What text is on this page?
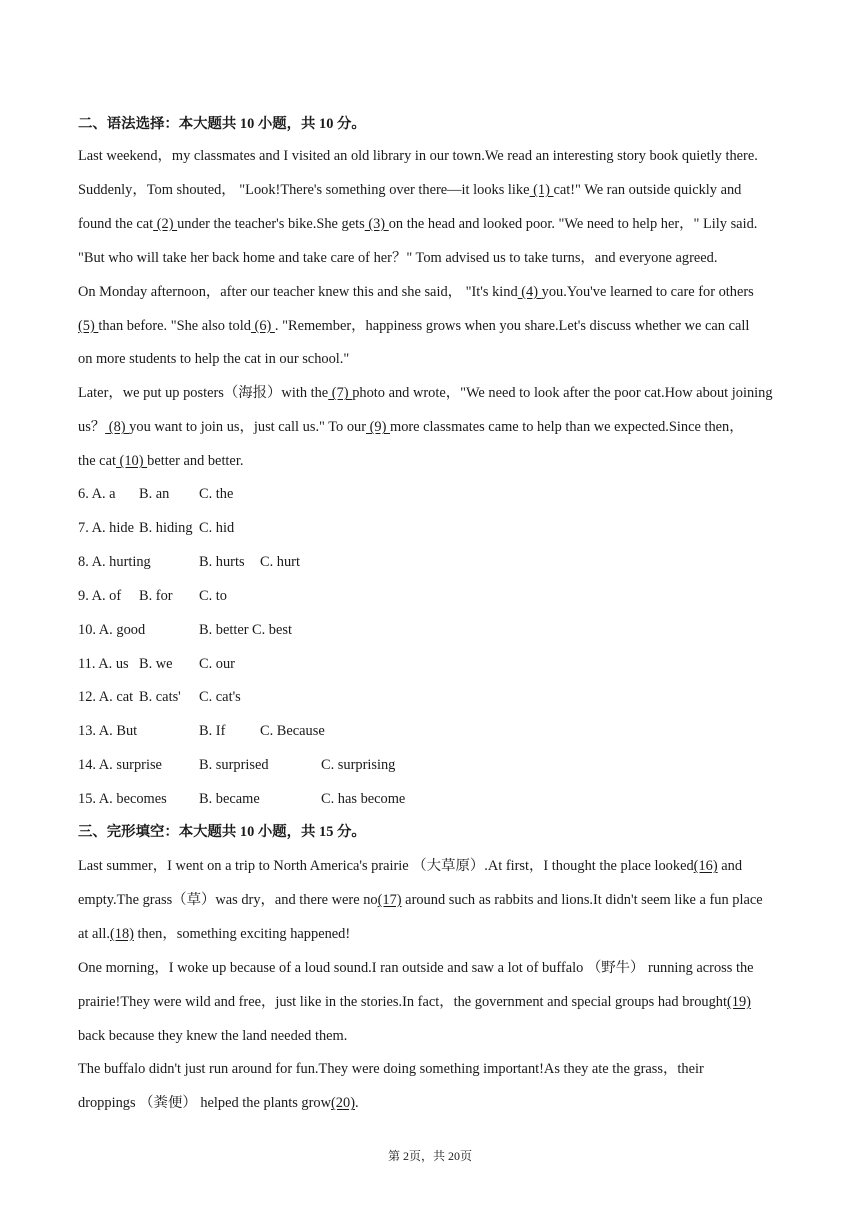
二、语法选择：本大题共 10 小题，共 10 分。
Last weekend，my classmates and I visited an old library in our town.We read an interesting story book quietly there.
Suddenly，Tom shouted， "Look!There's something over there—it looks like (1) cat!" We ran outside quickly and
found the cat (2) under the teacher's bike.She gets (3) on the head and looked poor. "We need to help her，" Lily said.
"But who will take her back home and take care of her？" Tom advised us to take turns，and everyone agreed.
On Monday afternoon，after our teacher knew this and she said， "It's kind (4) you.You've learned to care for others
(5) than before. "She also told (6) . "Remember，happiness grows when you share.Let's discuss whether we can call
on more students to help the cat in our school."
Later，we put up posters（海报）with the (7) photo and wrote，"We need to look after the poor cat.How about joining
us？ (8) you want to join us，just call us." To our (9) more classmates came to help than we expected.Since then，
the cat (10) better and better.
6. A. a B. an C. the
7. A. hide B. hiding C. hid
8. A. hurting	B. hurts C. hurt
9. A. of B. for C. to
10. A. good	B. better C. best
11. A. us B. we C. our
12. A. cat B. cats' C. cat's
13. A. But	B. If C. Because
14. A. surprise	B. surprised	C. surprising
15. A. becomes B. became	C. has become
三、完形填空：本大题共 10 小题，共 15 分。
Last summer，I went on a trip to North America's prairie （大草原）.At first，I thought the place looked(16) and
empty.The grass（草）was dry，and there were no(17) around such as rabbits and lions.It didn't seem like a fun place
at all.(18) then，something exciting happened!
One morning，I woke up because of a loud sound.I ran outside and saw a lot of buffalo （野牛） running across the
prairie!They were wild and free，just like in the stories.In fact，the government and special groups had brought(19)
back because they knew the land needed them.
The buffalo didn't just run around for fun.They were doing something important!As they ate the grass，their
droppings （粪便） helped the plants grow(20).
第 2页，共 20页
